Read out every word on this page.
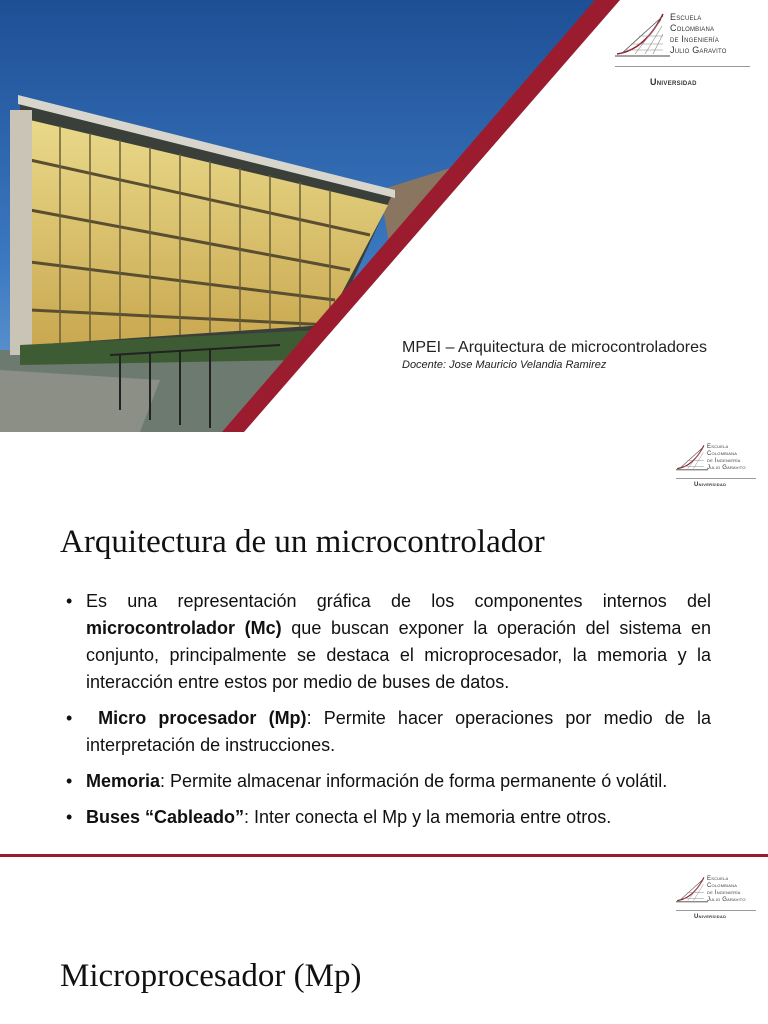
Escuela
Colombiana
de Ingeniería
Julio Garavito
Universidad
MPEI – Arquitectura de microcontroladores
Docente: Jose Mauricio Velandia Ramirez
Escuela
Colombiana
de Ingeniería
Julio Garavito
Universidad
Arquitectura de un microcontrolador
• Es una representación gráfica de los componentes internos del microcontrolador (Mc) que buscan exponer la operación del sistema en conjunto, principalmente se destaca el microprocesador, la memoria y la interacción entre estos por medio de buses de datos.
•  Micro procesador (Mp): Permite hacer operaciones por medio de la interpretación de instrucciones.
• Memoria: Permite almacenar información de forma permanente ó volátil.
• Buses “Cableado”: Inter conecta el Mp y la memoria entre otros.
Escuela
Colombiana
de Ingeniería
Julio Garavito
Universidad
Microprocesador (Mp)
